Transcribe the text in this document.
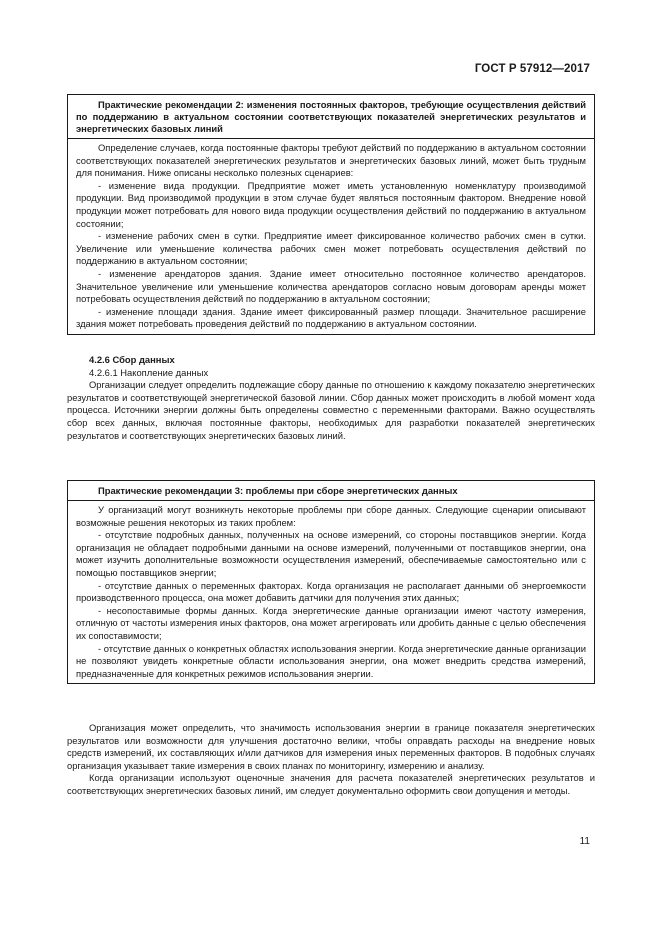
ГОСТ Р 57912—2017
Практические рекомендации 2: изменения постоянных факторов, требующие осуществления действий по поддержанию в актуальном состоянии соответствующих показателей энергетических результатов и энергетических базовых линий

Определение случаев, когда постоянные факторы требуют действий по поддержанию в актуальном состоянии соответствующих показателей энергетических результатов и энергетических базовых линий, может быть трудным для понимания. Ниже описаны несколько полезных сценариев:

- изменение вида продукции. Предприятие может иметь установленную номенклатуру производимой продукции. Вид производимой продукции в этом случае будет являться постоянным фактором. Внедрение новой продукции может потребовать для нового вида продукции осуществления действий по поддержанию в актуальном состоянии;

- изменение рабочих смен в сутки. Предприятие имеет фиксированное количество рабочих смен в сутки. Увеличение или уменьшение количества рабочих смен может потребовать осуществления действий по поддержанию в актуальном состоянии;

- изменение арендаторов здания. Здание имеет относительно постоянное количество арендаторов. Значительное увеличение или уменьшение количества арендаторов согласно новым договорам аренды может потребовать осуществления действий по поддержанию в актуальном состоянии;

- изменение площади здания. Здание имеет фиксированный размер площади. Значительное расширение здания может потребовать проведения действий по поддержанию в актуальном состоянии.

4.2.6 Сбор данных

4.2.6.1 Накопление данных

Организации следует определить подлежащие сбору данные по отношению к каждому показателю энергетических результатов и соответствующей энергетической базовой линии. Сбор данных может происходить в любой момент хода процесса. Источники энергии должны быть определены совместно с переменными факторами. Важно осуществлять сбор всех данных, включая постоянные факторы, необходимых для разработки показателей энергетических результатов и соответствующих энергетических базовых линий.

Практические рекомендации 3: проблемы при сборе энергетических данных

У организаций могут возникнуть некоторые проблемы при сборе данных. Следующие сценарии описывают возможные решения некоторых из таких проблем:

- отсутствие подробных данных, полученных на основе измерений, со стороны поставщиков энергии. Когда организация не обладает подробными данными на основе измерений, полученными от поставщиков энергии, она может изучить дополнительные возможности осуществления измерений, обеспечиваемые самостоятельно или с помощью поставщиков энергии;

- отсутствие данных о переменных факторах. Когда организация не располагает данными об энергоемкости производственного процесса, она может добавить датчики для получения этих данных;

- несопоставимые формы данных. Когда энергетические данные организации имеют частоту измерения, отличную от частоты измерения иных факторов, она может агрегировать или дробить данные с целью обеспечения их сопоставимости;

- отсутствие данных о конкретных областях использования энергии. Когда энергетические данные организации не позволяют увидеть конкретные области использования энергии, она может внедрить средства измерений, предназначенные для конкретных режимов использования энергии.

Организация может определить, что значимость использования энергии в границе показателя энергетических результатов или возможности для улучшения достаточно велики, чтобы оправдать расходы на внедрение новых средств измерений, их составляющих и/или датчиков для измерения иных переменных факторов. В подобных случаях организация указывает такие измерения в своих планах по мониторингу, измерению и анализу.

Когда организации используют оценочные значения для расчета показателей энергетических результатов и соответствующих энергетических базовых линий, им следует документально оформить свои допущения и методы.

11
